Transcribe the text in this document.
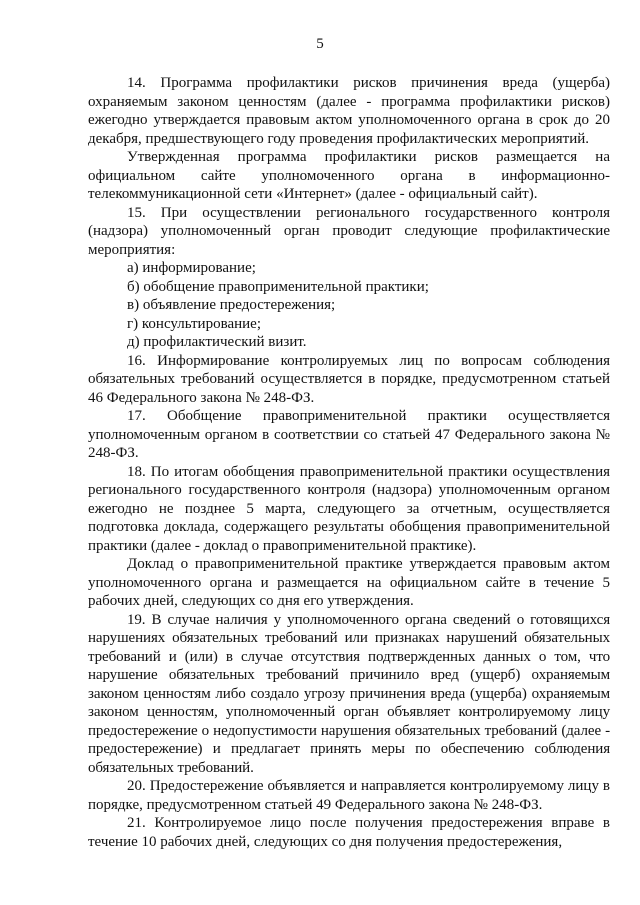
5

14. Программа профилактики рисков причинения вреда (ущерба) охраняемым законом ценностям (далее - программа профилактики рисков) ежегодно утверждается правовым актом уполномоченного органа в срок до 20 декабря, предшествующего году проведения профилактических мероприятий.

Утвержденная программа профилактики рисков размещается на официальном сайте уполномоченного органа в информационно-телекоммуникационной сети «Интернет» (далее - официальный сайт).

15. При осуществлении регионального государственного контроля (надзора) уполномоченный орган проводит следующие профилактические мероприятия:

а) информирование;

б) обобщение правоприменительной практики;

в) объявление предостережения;

г) консультирование;

д) профилактический визит.

16. Информирование контролируемых лиц по вопросам соблюдения обязательных требований осуществляется в порядке, предусмотренном статьей 46 Федерального закона № 248-ФЗ.

17. Обобщение правоприменительной практики осуществляется уполномоченным органом в соответствии со статьей 47 Федерального закона № 248-ФЗ.

18. По итогам обобщения правоприменительной практики осуществления регионального государственного контроля (надзора) уполномоченным органом ежегодно не позднее 5 марта, следующего за отчетным, осуществляется подготовка доклада, содержащего результаты обобщения правоприменительной практики (далее - доклад о правоприменительной практике).

Доклад о правоприменительной практике утверждается правовым актом уполномоченного органа и размещается на официальном сайте в течение 5 рабочих дней, следующих со дня его утверждения.

19. В случае наличия у уполномоченного органа сведений о готовящихся нарушениях обязательных требований или признаках нарушений обязательных требований и (или) в случае отсутствия подтвержденных данных о том, что нарушение обязательных требований причинило вред (ущерб) охраняемым законом ценностям либо создало угрозу причинения вреда (ущерба) охраняемым законом ценностям, уполномоченный орган объявляет контролируемому лицу предостережение о недопустимости нарушения обязательных требований (далее - предостережение) и предлагает принять меры по обеспечению соблюдения обязательных требований.

20. Предостережение объявляется и направляется контролируемому лицу в порядке, предусмотренном статьей 49 Федерального закона № 248-ФЗ.

21. Контролируемое лицо после получения предостережения вправе в течение 10 рабочих дней, следующих со дня получения предостережения,
